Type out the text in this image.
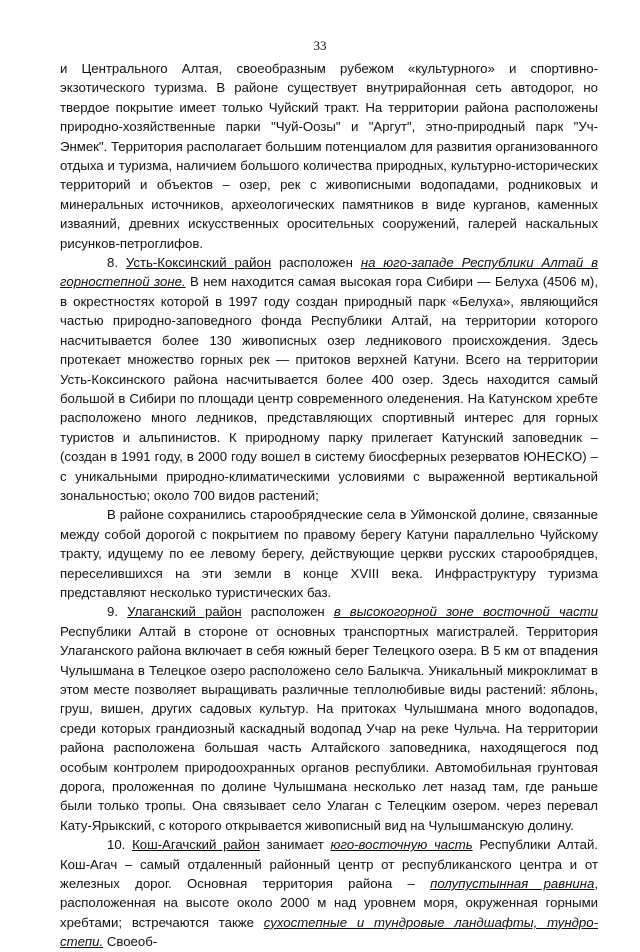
33

и Центрального Алтая, своеобразным рубежом «культурного» и спортивно-экзотического туризма. В районе существует внутрирайонная сеть автодорог, но твердое покрытие имеет только Чуйский тракт. На территории района расположены природно-хозяйственные парки "Чуй-Оозы" и "Аргут", этно-природный парк "Уч-Энмек". Территория располагает большим потенциалом для развития организованного отдыха и туризма, наличием большого количества природных, культурно-исторических территорий и объектов – озер, рек с живописными водопадами, родниковых и минеральных источников, археологических памятников в виде курганов, каменных изваяний, древних искусственных оросительных сооружений, галерей наскальных рисунков-петроглифов.

8. Усть-Коксинский район расположен на юго-западе Республики Алтай в горностепной зоне. В нем находится самая высокая гора Сибири — Белуха (4506 м), в окрестностях которой в 1997 году создан природный парк «Белуха», являющийся частью природно-заповедного фонда Республики Алтай, на территории которого насчитывается более 130 живописных озер ледникового происхождения. Здесь протекает множество горных рек — притоков верхней Катуни. Всего на территории Усть-Коксинского района насчитывается более 400 озер. Здесь находится самый большой в Сибири по площади центр современного оледенения. На Катунском хребте расположено много ледников, представляющих спортивный интерес для горных туристов и альпинистов. К природному парку прилегает Катунский заповедник – (создан в 1991 году, в 2000 году вошел в систему биосферных резерватов ЮНЕСКО) – с уникальными природно-климатическими условиями с выраженной вертикальной зональностью; около 700 видов растений;

В районе сохранились старообрядческие села в Уймонской долине, связанные между собой дорогой с покрытием по правому берегу Катуни параллельно Чуйскому тракту, идущему по ее левому берегу, действующие церкви русских старообрядцев, переселившихся на эти земли в конце XVIII века. Инфраструктуру туризма представляют несколько туристических баз.

9. Улаганский район расположен в высокогорной зоне восточной части Республики Алтай в стороне от основных транспортных магистралей. Территория Улаганского района включает в себя южный берег Телецкого озера. В 5 км от впадения Чулышмана в Телецкое озеро расположено село Балыкча. Уникальный микроклимат в этом месте позволяет выращивать различные теплолюбивые виды растений: яблонь, груш, вишен, других садовых культур. На притоках Чулышмана много водопадов, среди которых грандиозный каскадный водопад Учар на реке Чульча. На территории района расположена большая часть Алтайского заповедника, находящегося под особым контролем природоохранных органов республики. Автомобильная грунтовая дорога, проложенная по долине Чулышмана несколько лет назад там, где раньше были только тропы. Она связывает село Улаган с Телецким озером. через перевал Кату-Ярыкский, с которого открывается живописный вид на Чулышманскую долину.

10. Кош-Агачский район занимает юго-восточную часть Республики Алтай. Кош-Агач – самый отдаленный районный центр от республиканского центра и от железных дорог. Основная территория района – полупустынная равнина, расположенная на высоте около 2000 м над уровнем моря, окруженная горными хребтами; встречаются также сухостепные и тундровые ландшафты, тундро-степи. Своеоб-
